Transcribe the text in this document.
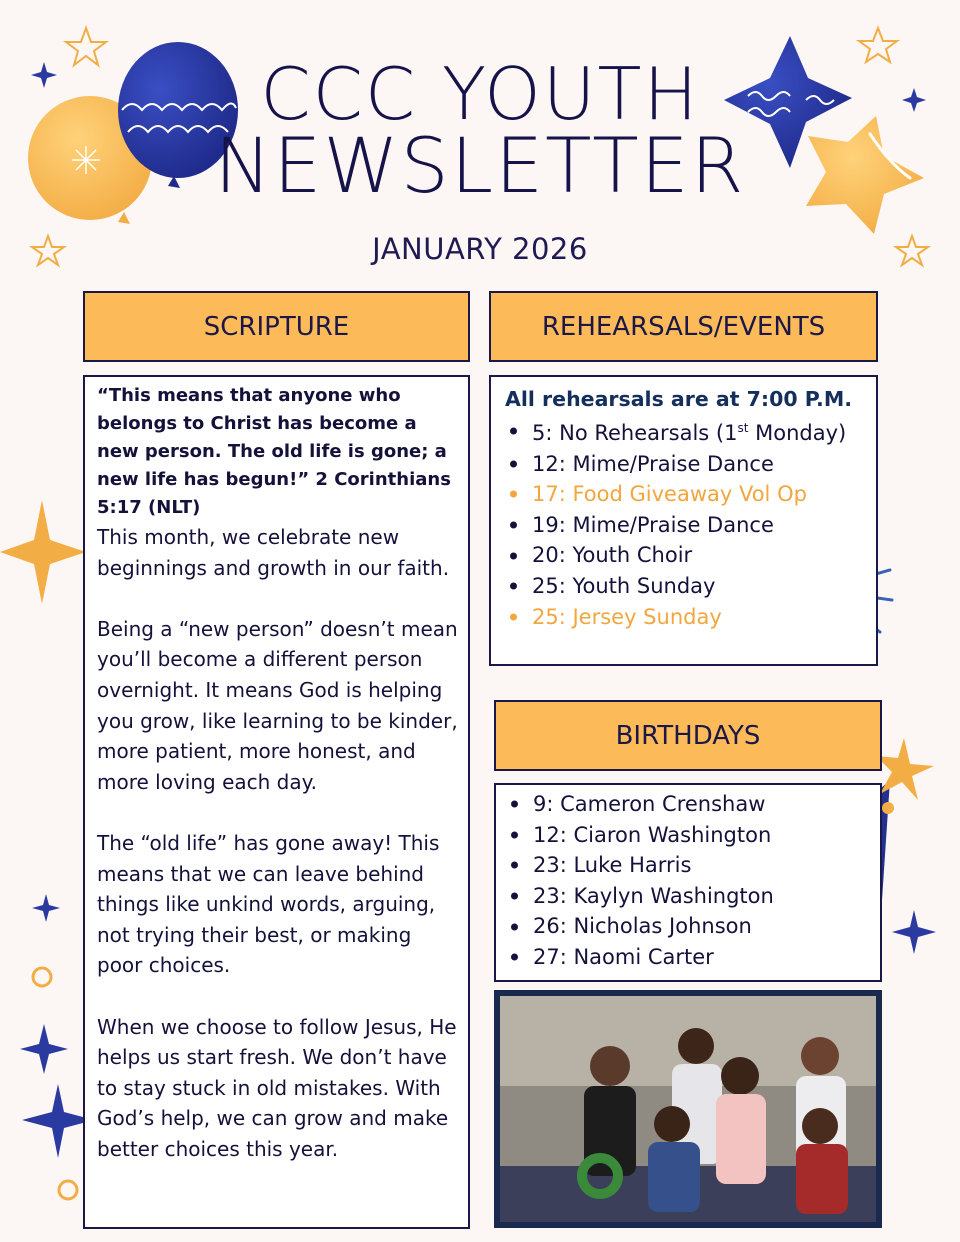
CCC YOUTH
NEWSLETTER
JANUARY 2026
SCRIPTURE	REHEARSALS/EVENTS
BIRTHDAYS

“This means that anyone who belongs to Christ has become a new person. The old life is gone; a new life has begun!” 2 Corinthians 5:17 (NLT)

This month, we celebrate new beginnings and growth in our faith.

Being a “new person” doesn’t mean you’ll become a different person overnight. It means God is helping you grow, like learning to be kinder, more patient, more honest, and more loving each day.

The “old life” has gone away! This means that we can leave behind things like unkind words, arguing, not trying their best, or making poor choices.

When we choose to follow Jesus, He helps us start fresh. We don’t have to stay stuck in old mistakes. With God’s help, we can grow and make better choices this year.

All rehearsals are at 7:00 P.M.

5: No Rehearsals (1st Monday)
12: Mime/Praise Dance
17: Food Giveaway Vol Op
19: Mime/Praise Dance
20: Youth Choir
25: Youth Sunday
25: Jersey Sunday
9: Cameron Crenshaw
12: Ciaron Washington
23: Luke Harris
23: Kaylyn Washington
26: Nicholas Johnson
27: Naomi Carter
